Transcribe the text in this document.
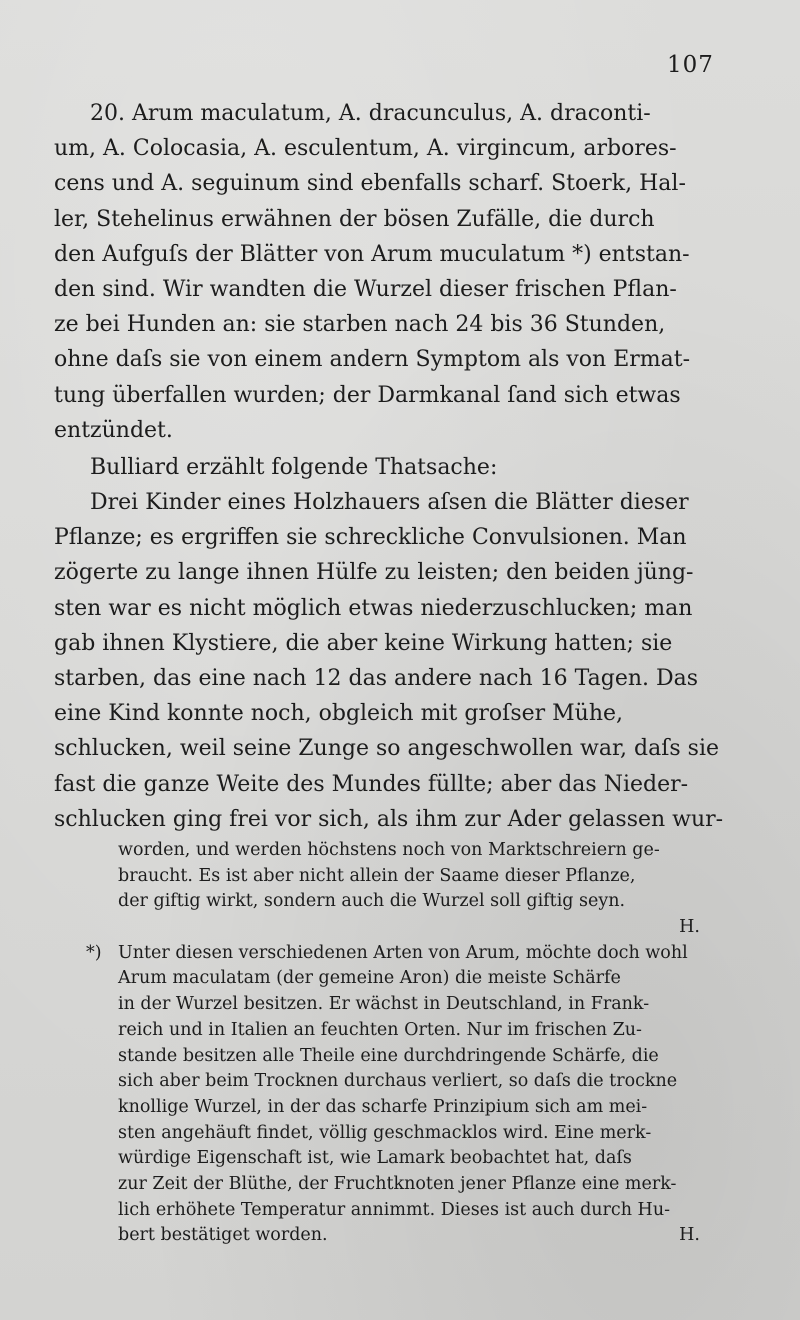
107
20. Arum maculatum, A. dracunculus, A. draconti-
um, A. Colocasia, A. esculentum, A. virgincum, arbores-
cens und A. seguinum sind ebenfalls scharf. Stoerk, Hal-
ler, Stehelinus erwähnen der bösen Zufälle, die durch
den Aufguſs der Blätter von Arum muculatum *) entstan-
den sind. Wir wandten die Wurzel dieser frischen Pflan-
ze bei Hunden an: sie starben nach 24 bis 36 Stunden,
ohne daſs sie von einem andern Symptom als von Ermat-
tung überfallen wurden; der Darmkanal ſand sich etwas
entzündet.
Bulliard erzählt folgende Thatsache:
Drei Kinder eines Holzhauers aſsen die Blätter dieser
Pflanze; es ergriffen sie schreckliche Convulsionen. Man
zögerte zu lange ihnen Hülfe zu leisten; den beiden jüng-
sten war es nicht möglich etwas niederzuschlucken; man
gab ihnen Klystiere, die aber keine Wirkung hatten; sie
starben, das eine nach 12 das andere nach 16 Tagen. Das
eine Kind konnte noch, obgleich mit groſser Mühe,
schlucken, weil seine Zunge so angeschwollen war, daſs sie
fast die ganze Weite des Mundes füllte; aber das Nieder-
schlucken ging frei vor sich, als ihm zur Ader gelassen wur-
worden, und werden höchstens noch von Marktschreiern ge-
braucht. Es ist aber nicht allein der Saame dieser Pflanze,
der giftig wirkt, sondern auch die Wurzel soll giftig seyn.
H.
*) Unter diesen verschiedenen Arten von Arum, möchte doch wohl
Arum maculatam (der gemeine Aron) die meiste Schärfe
in der Wurzel besitzen. Er wächst in Deutschland, in Frank-
reich und in Italien an feuchten Orten. Nur im frischen Zu-
stande besitzen alle Theile eine durchdringende Schärfe, die
sich aber beim Trocknen durchaus verliert, so daſs die trockne
knollige Wurzel, in der das scharfe Prinzipium sich am mei-
sten angehäuft findet, völlig geschmacklos wird. Eine merk-
würdige Eigenschaft ist, wie Lamark beobachtet hat, daſs
zur Zeit der Blüthe, der Fruchtknoten jener Pflanze eine merk-
lich erhöhete Temperatur annimmt. Dieses ist auch durch Hu-
bert bestätiget worden.	H.
